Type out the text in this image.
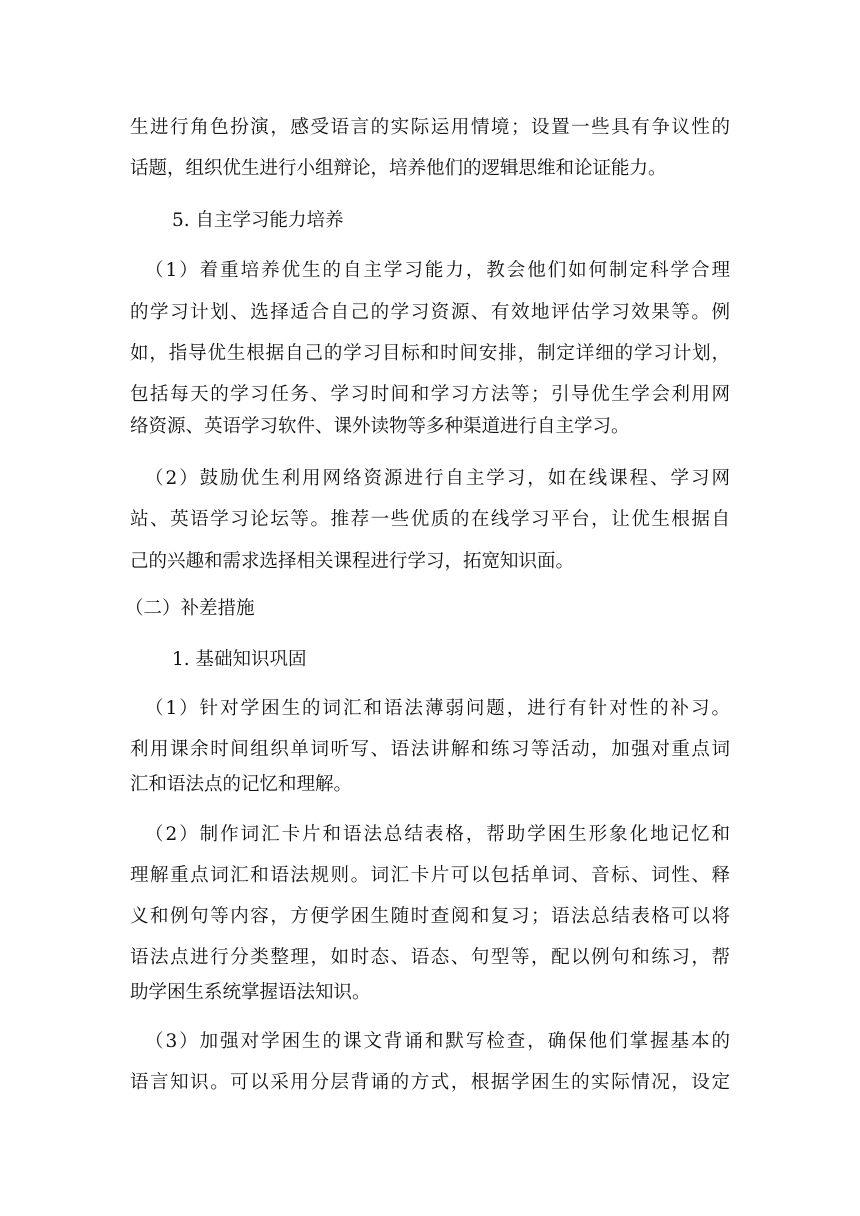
生进行角色扮演，感受语言的实际运用情境；设置一些具有争议性的

话题，组织优生进行小组辩论，培养他们的逻辑思维和论证能力。

5. 自主学习能力培养

（1）着重培养优生的自主学习能力，教会他们如何制定科学合理

的学习计划、选择适合自己的学习资源、有效地评估学习效果等。例

如，指导优生根据自己的学习目标和时间安排，制定详细的学习计划，

包括每天的学习任务、学习时间和学习方法等；引导优生学会利用网

络资源、英语学习软件、课外读物等多种渠道进行自主学习。

（2）鼓励优生利用网络资源进行自主学习，如在线课程、学习网

站、英语学习论坛等。推荐一些优质的在线学习平台，让优生根据自

己的兴趣和需求选择相关课程进行学习，拓宽知识面。

（二）补差措施

1. 基础知识巩固

（1）针对学困生的词汇和语法薄弱问题，进行有针对性的补习。

利用课余时间组织单词听写、语法讲解和练习等活动，加强对重点词

汇和语法点的记忆和理解。

（2）制作词汇卡片和语法总结表格，帮助学困生形象化地记忆和

理解重点词汇和语法规则。词汇卡片可以包括单词、音标、词性、释

义和例句等内容，方便学困生随时查阅和复习；语法总结表格可以将

语法点进行分类整理，如时态、语态、句型等，配以例句和练习，帮

助学困生系统掌握语法知识。

（3）加强对学困生的课文背诵和默写检查，确保他们掌握基本的

语言知识。可以采用分层背诵的方式，根据学困生的实际情况，设定
